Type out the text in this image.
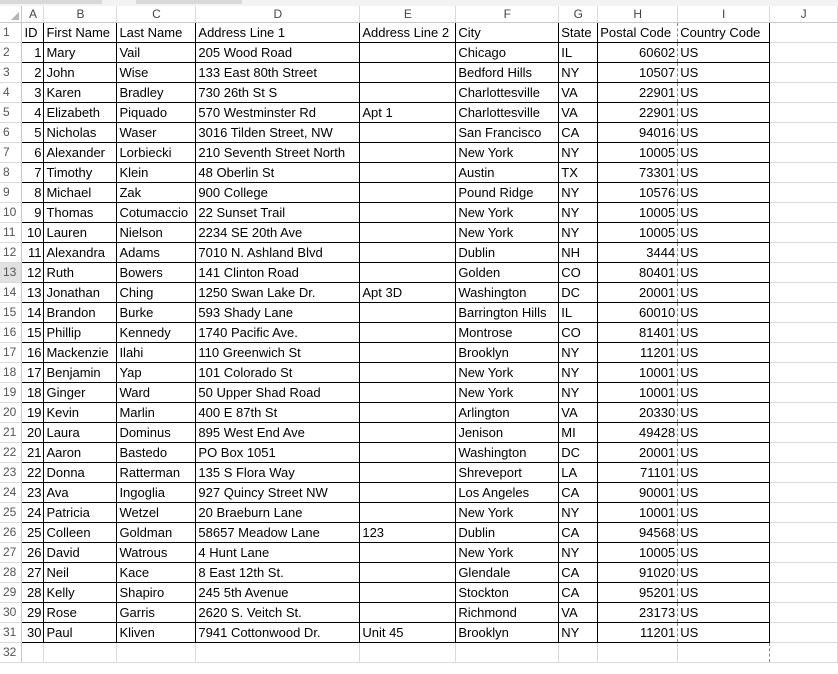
	A	B	C	D	E	F	G	H	I	J
1	ID	First Name	Last Name	Address Line 1	Address Line 2	City	State	Postal Code	Country Code	
2	1	Mary	Vail	205 Wood Road		Chicago	IL	60602	US	
3	2	John	Wise	133 East 80th Street		Bedford Hills	NY	10507	US	
4	3	Karen	Bradley	730 26th St S		Charlottesville	VA	22901	US	
5	4	Elizabeth	Piquado	570 Westminster Rd	Apt 1	Charlottesville	VA	22901	US	
6	5	Nicholas	Waser	3016 Tilden Street, NW		San Francisco	CA	94016	US	
7	6	Alexander	Lorbiecki	210 Seventh Street North		New York	NY	10005	US	
8	7	Timothy	Klein	48 Oberlin St		Austin	TX	73301	US	
9	8	Michael	Zak	900 College		Pound Ridge	NY	10576	US	
10	9	Thomas	Cotumaccio	22 Sunset Trail		New York	NY	10005	US	
11	10	Lauren	Nielson	2234 SE 20th Ave		New York	NY	10005	US	
12	11	Alexandra	Adams	7010 N. Ashland Blvd		Dublin	NH	3444	US	
13	12	Ruth	Bowers	141 Clinton Road		Golden	CO	80401	US	
14	13	Jonathan	Ching	1250 Swan Lake Dr.	Apt 3D	Washington	DC	20001	US	
15	14	Brandon	Burke	593 Shady Lane		Barrington Hills	IL	60010	US	
16	15	Phillip	Kennedy	1740 Pacific Ave.		Montrose	CO	81401	US	
17	16	Mackenzie	Ilahi	110 Greenwich St		Brooklyn	NY	11201	US	
18	17	Benjamin	Yap	101 Colorado St		New York	NY	10001	US	
19	18	Ginger	Ward	50 Upper Shad Road		New York	NY	10001	US	
20	19	Kevin	Marlin	400 E 87th St		Arlington	VA	20330	US	
21	20	Laura	Dominus	895 West End Ave		Jenison	MI	49428	US	
22	21	Aaron	Bastedo	PO Box 1051		Washington	DC	20001	US	
23	22	Donna	Ratterman	135 S Flora Way		Shreveport	LA	71101	US	
24	23	Ava	Ingoglia	927 Quincy Street NW		Los Angeles	CA	90001	US	
25	24	Patricia	Wetzel	20 Braeburn Lane		New York	NY	10001	US	
26	25	Colleen	Goldman	58657 Meadow Lane	123	Dublin	CA	94568	US	
27	26	David	Watrous	4 Hunt Lane		New York	NY	10005	US	
28	27	Neil	Kace	8 East 12th St.		Glendale	CA	91020	US	
29	28	Kelly	Shapiro	245 5th Avenue		Stockton	CA	95201	US	
30	29	Rose	Garris	2620 S. Veitch St.		Richmond	VA	23173	US	
31	30	Paul	Kliven	7941 Cottonwood Dr.	Unit 45	Brooklyn	NY	11201	US	
32										
